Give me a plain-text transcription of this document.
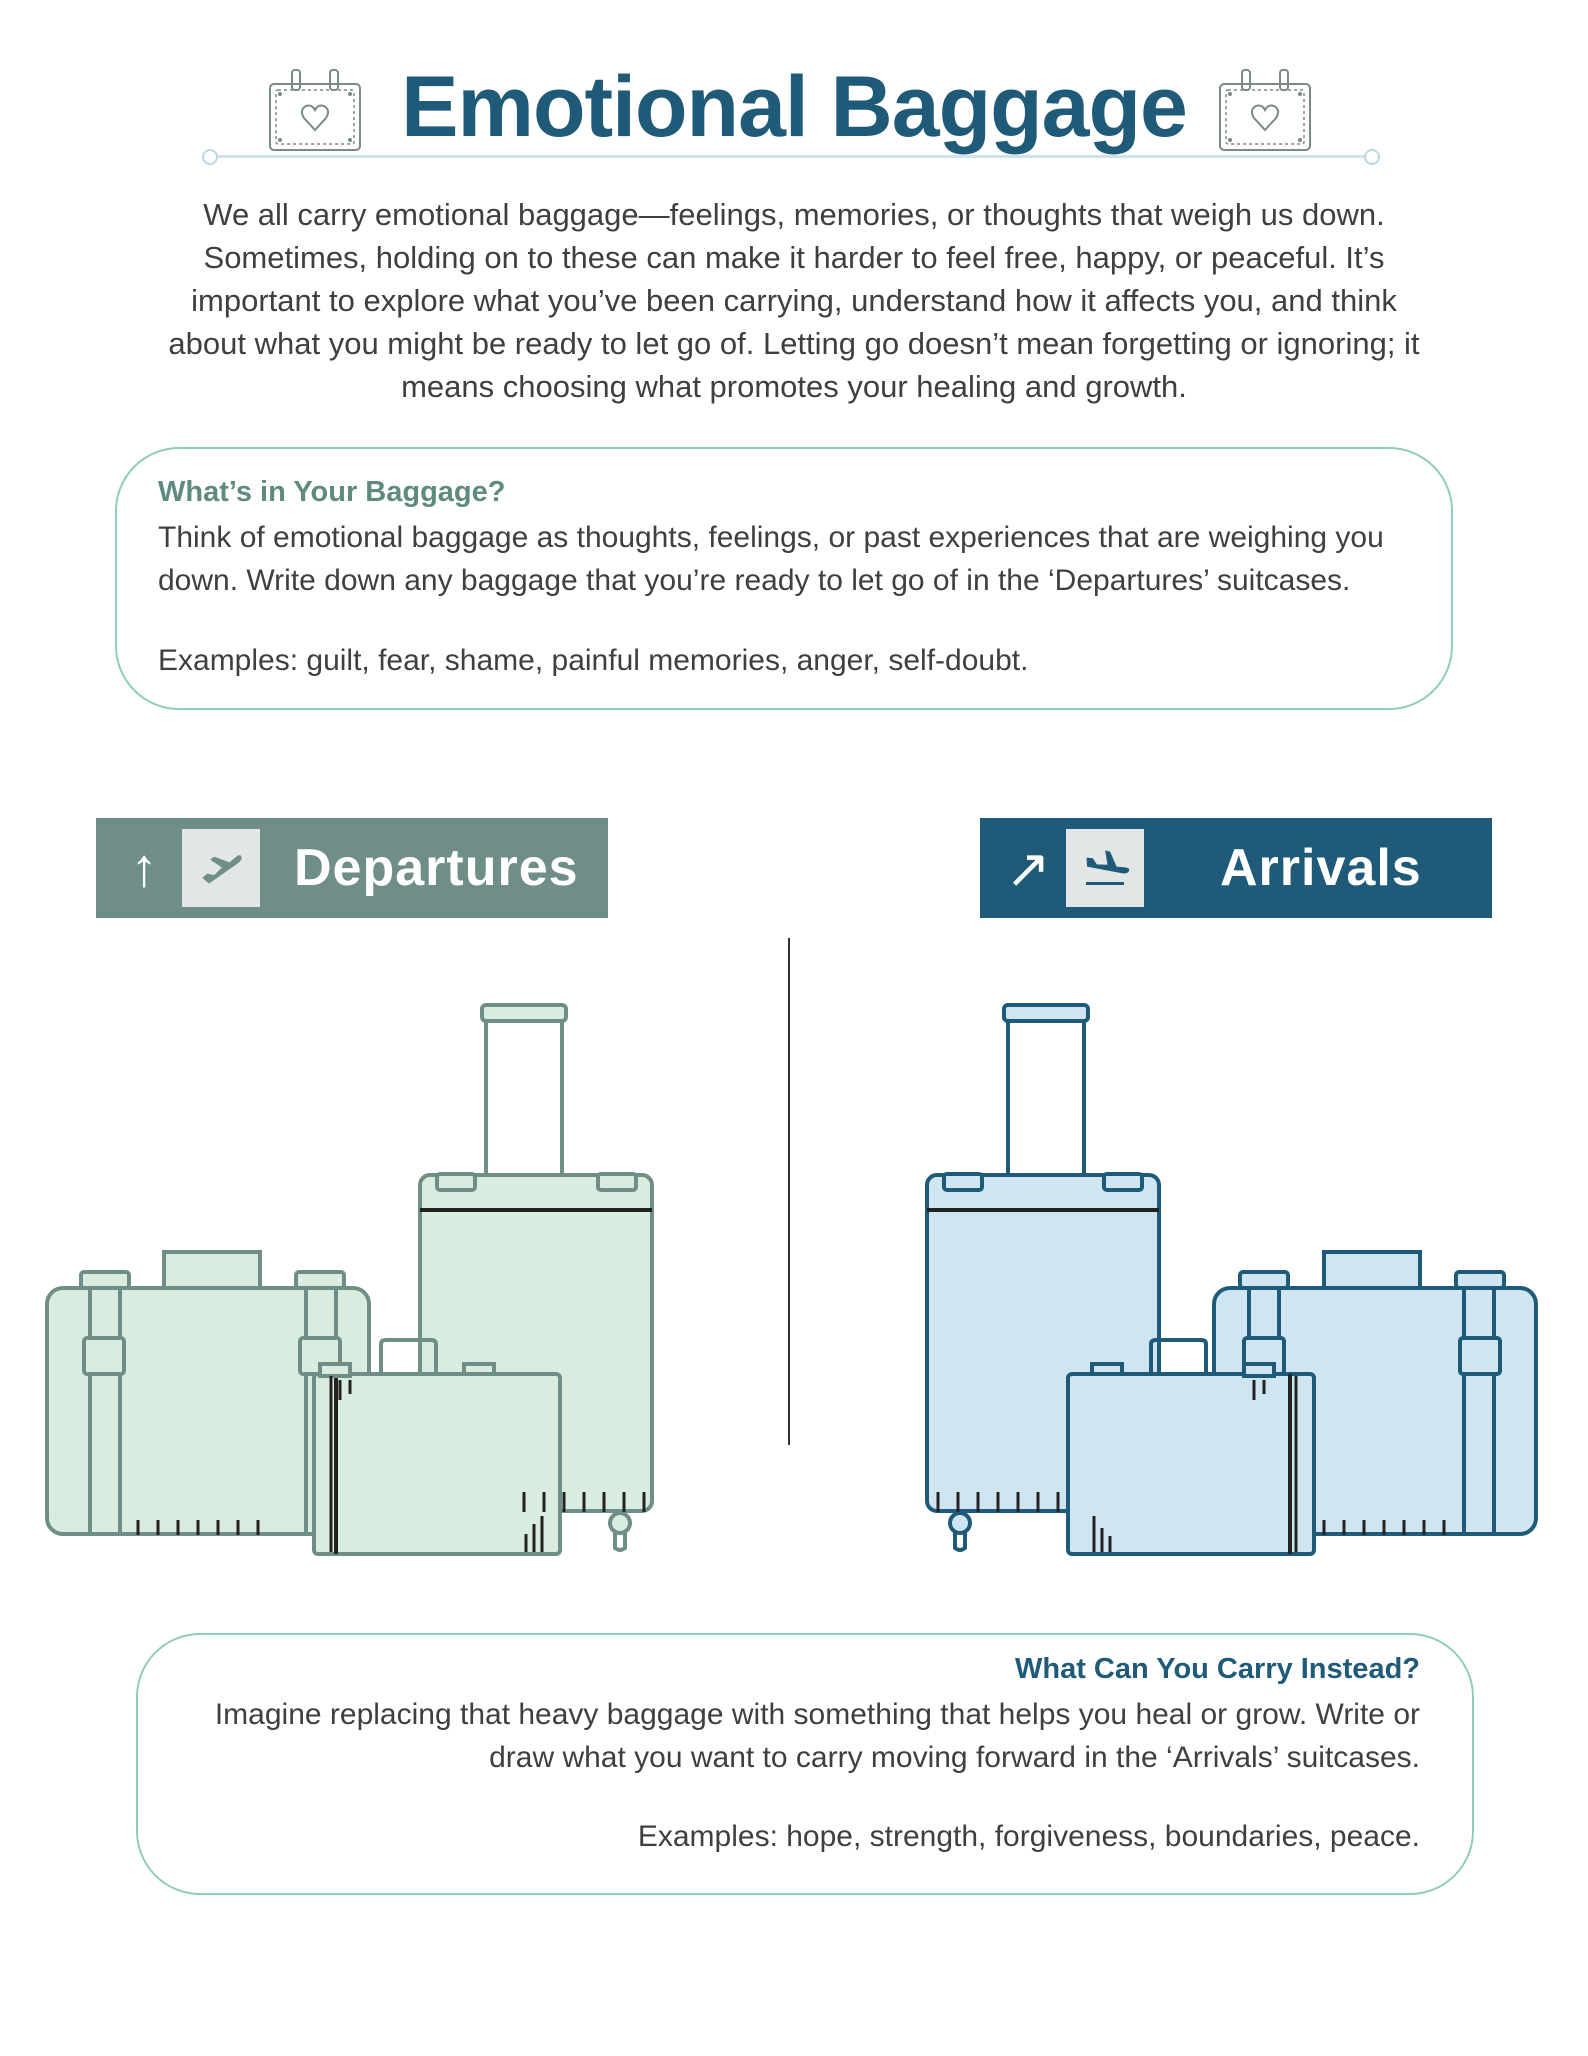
Emotional Baggage
We all carry emotional baggage—feelings, memories, or thoughts that weigh us down. Sometimes, holding on to these can make it harder to feel free, happy, or peaceful. It’s important to explore what you’ve been carrying, understand how it affects you, and think about what you might be ready to let go of. Letting go doesn’t mean forgetting or ignoring; it means choosing what promotes your healing and growth.
What’s in Your Baggage?
Think of emotional baggage as thoughts, feelings, or past experiences that are weighing you down. Write down any baggage that you’re ready to let go of in the ‘Departures’ suitcases.
Examples: guilt, fear, shame, painful memories, anger, self-doubt.
↑	Departures	↗	Arrivals
What Can You Carry Instead?
Imagine replacing that heavy baggage with something that helps you heal or grow. Write or draw what you want to carry moving forward in the ‘Arrivals’ suitcases.
Examples: hope, strength, forgiveness, boundaries, peace.
